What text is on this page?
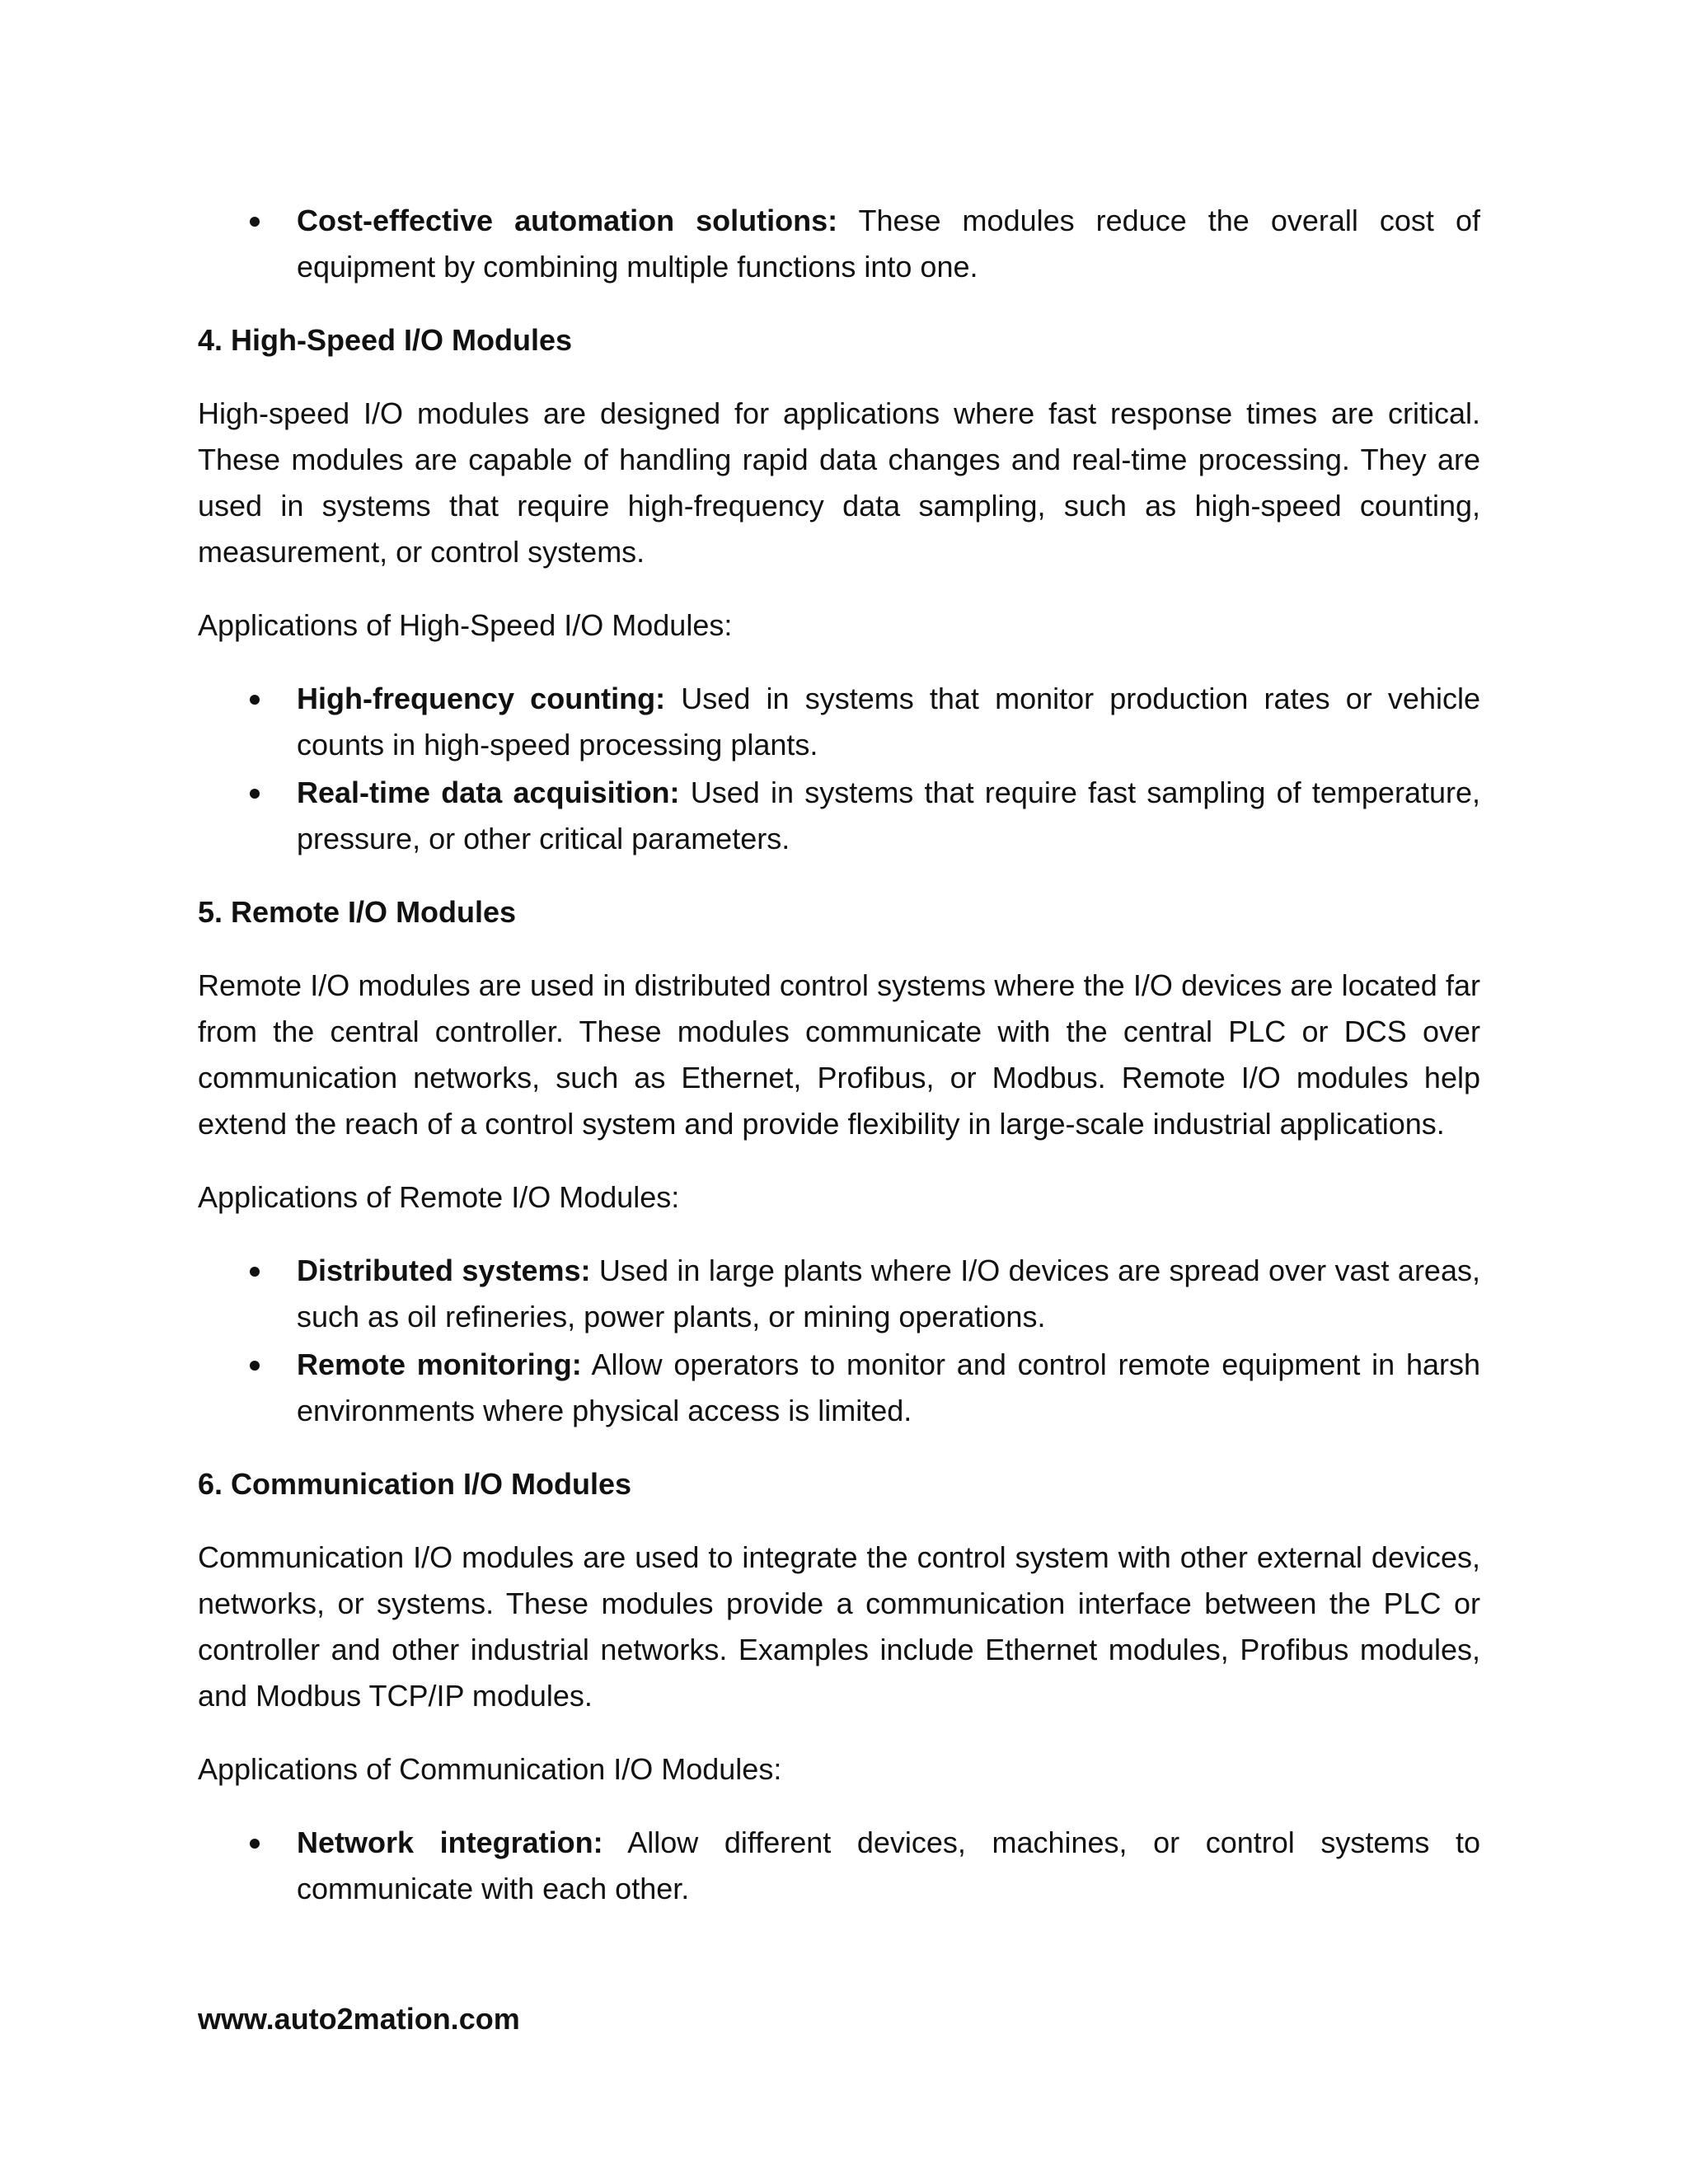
Cost-effective automation solutions: These modules reduce the overall cost of equipment by combining multiple functions into one.
4. High-Speed I/O Modules

High-speed I/O modules are designed for applications where fast response times are critical. These modules are capable of handling rapid data changes and real-time processing. They are used in systems that require high-frequency data sampling, such as high-speed counting, measurement, or control systems.

Applications of High-Speed I/O Modules:

High-frequency counting: Used in systems that monitor production rates or vehicle counts in high-speed processing plants.
Real-time data acquisition: Used in systems that require fast sampling of temperature, pressure, or other critical parameters.
5. Remote I/O Modules

Remote I/O modules are used in distributed control systems where the I/O devices are located far from the central controller. These modules communicate with the central PLC or DCS over communication networks, such as Ethernet, Profibus, or Modbus. Remote I/O modules help extend the reach of a control system and provide flexibility in large-scale industrial applications.

Applications of Remote I/O Modules:

Distributed systems: Used in large plants where I/O devices are spread over vast areas, such as oil refineries, power plants, or mining operations.
Remote monitoring: Allow operators to monitor and control remote equipment in harsh environments where physical access is limited.
6. Communication I/O Modules

Communication I/O modules are used to integrate the control system with other external devices, networks, or systems. These modules provide a communication interface between the PLC or controller and other industrial networks. Examples include Ethernet modules, Profibus modules, and Modbus TCP/IP modules.

Applications of Communication I/O Modules:

Network integration: Allow different devices, machines, or control systems to communicate with each other.
www.auto2mation.com
